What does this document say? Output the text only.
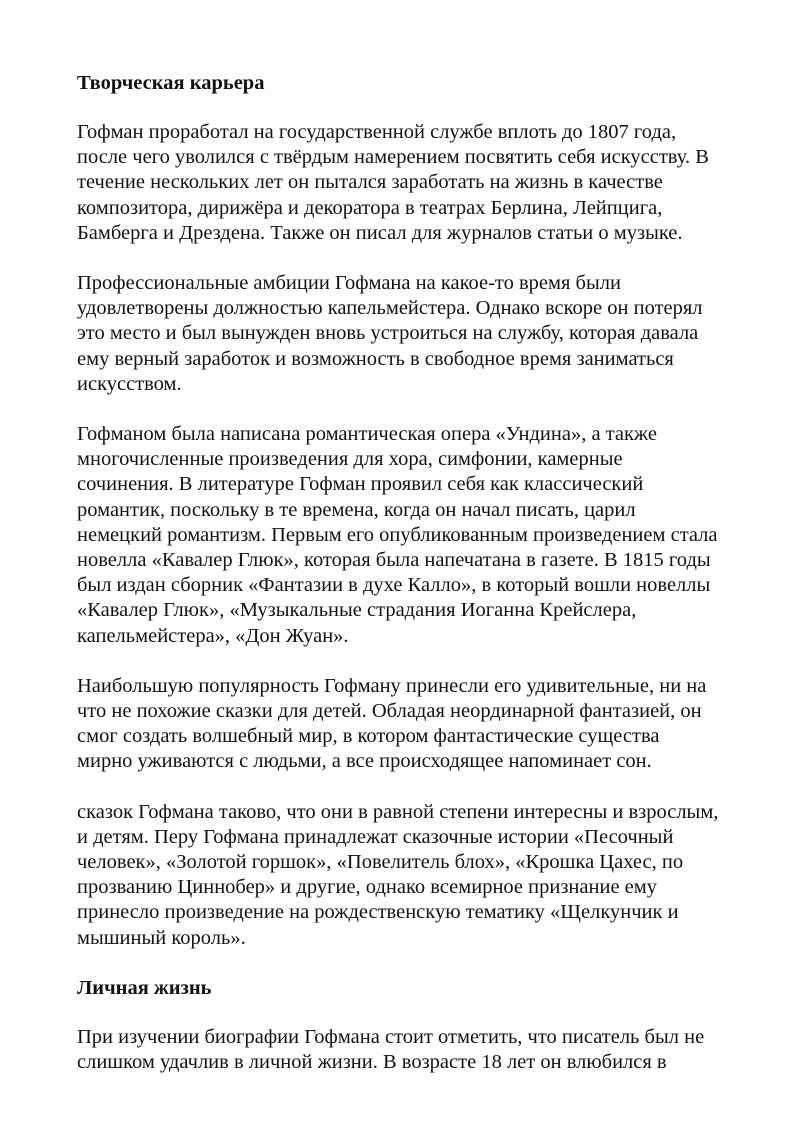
Творческая карьера
Гофман проработал на государственной службе вплоть до 1807 года,
после чего уволился с твёрдым намерением посвятить себя искусству. В
течение нескольких лет он пытался заработать на жизнь в качестве
композитора, дирижёра и декоратора в театрах Берлина, Лейпцига,
Бамберга и Дрездена. Также он писал для журналов статьи о музыке.
Профессиональные амбиции Гофмана на какое-то время были
удовлетворены должностью капельмейстера. Однако вскоре он потерял
это место и был вынужден вновь устроиться на службу, которая давала
ему верный заработок и возможность в свободное время заниматься
искусством.
Гофманом была написана романтическая опера «Ундина», а также
многочисленные произведения для хора, симфонии, камерные
сочинения. В литературе Гофман проявил себя как классический
романтик, поскольку в те времена, когда он начал писать, царил
немецкий романтизм. Первым его опубликованным произведением стала
новелла «Кавалер Глюк», которая была напечатана в газете. В 1815 годы
был издан сборник «Фантазии в духе Калло», в который вошли новеллы
«Кавалер Глюк», «Музыкальные страдания Иоганна Крейслера,
капельмейстера», «Дон Жуан».
Наибольшую популярность Гофману принесли его удивительные, ни на
что не похожие сказки для детей. Обладая неординарной фантазией, он
смог создать волшебный мир, в котором фантастические существа
мирно уживаются с людьми, а все происходящее напоминает сон.
сказок Гофмана таково, что они в равной степени интересны и взрослым,
и детям. Перу Гофмана принадлежат сказочные истории «Песочный
человек», «Золотой горшок», «Повелитель блох», «Крошка Цахес, по
прозванию Циннобер» и другие, однако всемирное признание ему
принесло произведение на рождественскую тематику «Щелкунчик и
мышиный король».
Личная жизнь
При изучении биографии Гофмана стоит отметить, что писатель был не
слишком удачлив в личной жизни. В возрасте 18 лет он влюбился в
